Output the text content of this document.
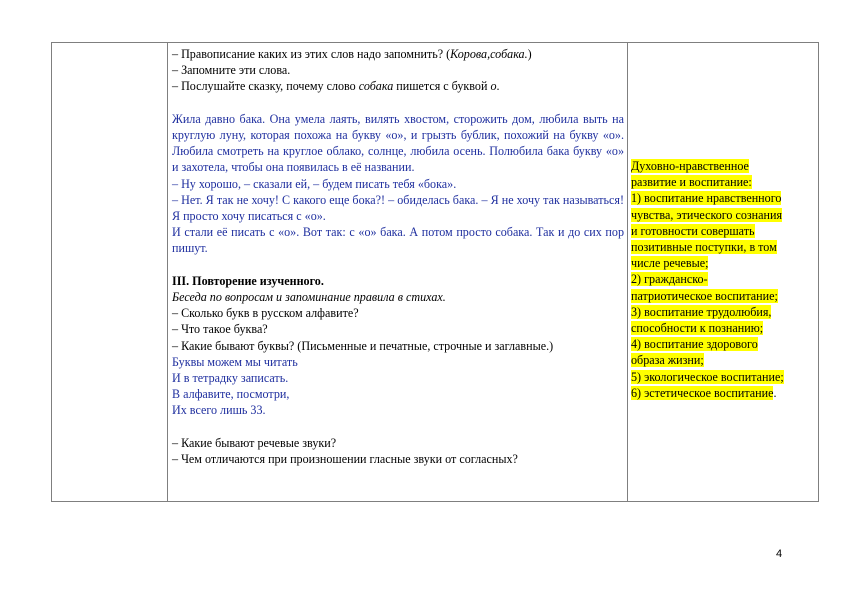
– Правописание каких из этих слов надо запомнить? (Корова,собака.)

– Запомните эти слова.

– Послушайте сказку, почему слово собака пишется с буквой о.

Жила давно бака. Она умела лаять, вилять хвостом, сторожить дом, любила выть на круглую луну, которая похожа на букву «о», и грызть бублик, похожий на букву «о». Любила смотреть на круглое облако, солнце, любила осень. Полюбила бака букву «о» и захотела, чтобы она появилась в её названии.

– Ну хорошо, – сказали ей, – будем писать тебя «бока».

– Нет. Я так не хочу! С какого еще бока?! – обиделась бака. – Я не хочу так называться! Я просто хочу писаться с «о».

И стали её писать с «о». Вот так: с «о» бака. А потом просто собака. Так и до сих пор пишут.

III. Повторение изученного.

Беседа по вопросам и запоминание правила в стихах.

– Сколько букв в русском алфавите?

– Что такое буква?

– Какие бывают буквы? (Письменные и печатные, строчные и заглавные.)

Буквы можем мы читать

И в тетрадку записать.

В алфавите, посмотри,

Их всего лишь 33.

– Какие бывают речевые звуки?

– Чем отличаются при произношении гласные звуки от согласных?

Духовно-нравственное
развитие и воспитание:
1) воспитание нравственного
чувства, этического сознания
и готовности совершать
позитивные поступки, в том
числе речевые;
2) гражданско-
патриотическое воспитание;
3) воспитание трудолюбия,
способности к познанию;
4) воспитание здорового
образа жизни;
5) экологическое воспитание;
6) эстетическое воспитание.
4
